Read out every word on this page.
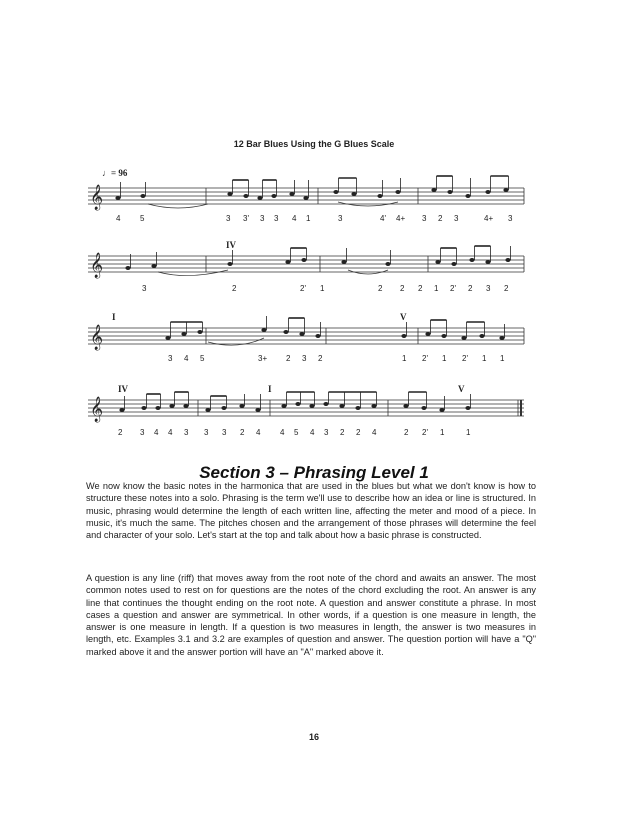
12 Bar Blues Using the G Blues Scale
𝄞
♩= 96
4 5	3 3' 3 3 4 1	3	4' 4+ 3 2 3	4+ 3
IV
𝄞
3	2	2' 1	2 2 2 1 2' 2 3 2
I	V
𝄞
3 4 5	3+ 2 3 2	1 2' 1 2' 1 1
IV	I	V
𝄞
2 3 4 4 3 3 3 2 4 4 5 4 3 2 2 4	2 2' 1	1
Section 3 – Phrasing Level 1

We now know the basic notes in the harmonica that are used in the blues but what we don't know is how to structure these notes into a solo. Phrasing is the term we'll use to describe how an idea or line is structured. In music, phrasing would determine the length of each written line, affecting the meter and mood of a piece. In music, it's much the same. The pitches chosen and the arrangement of those phrases will determine the feel and character of your solo. Let's start at the top and talk about how a basic phrase is constructed.

A question is any line (riff) that moves away from the root note of the chord and awaits an answer. The most common notes used to rest on for questions are the notes of the chord excluding the root. An answer is any line that continues the thought ending on the root note. A question and answer constitute a phrase. In most cases a question and answer are symmetrical. In other words, if a question is one measure in length, the answer is one measure in length. If a question is two measures in length, the answer is two measures in length, etc. Examples 3.1 and 3.2 are examples of question and answer. The question portion will have a "Q" marked above it and the answer portion will have an "A" marked above it.

16
